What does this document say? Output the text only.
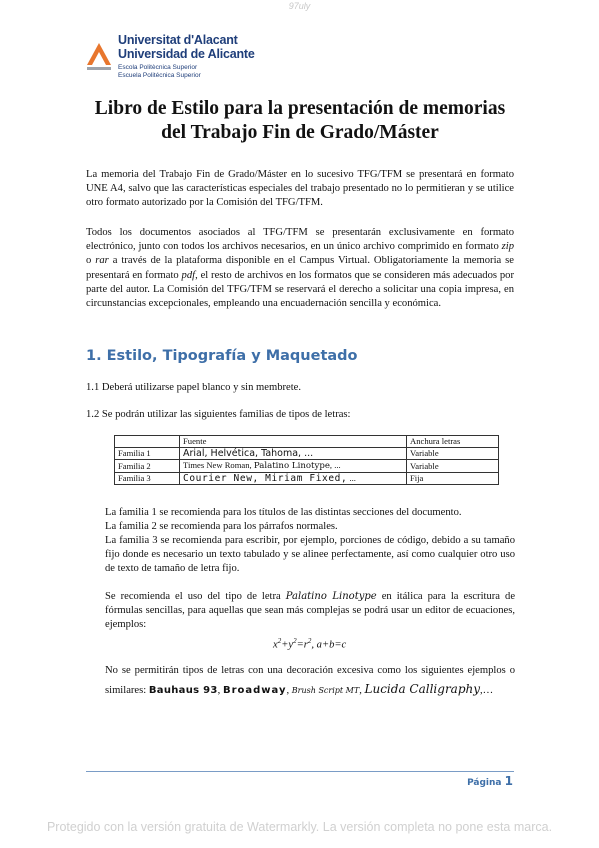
97uly
Universitat d'Alacant
Universidad de Alicante
Escola Politècnica Superior
Escuela Politécnica Superior
Libro de Estilo para la presentación de memorias
del Trabajo Fin de Grado/Máster
La memoria del Trabajo Fin de Grado/Máster en lo sucesivo TFG/TFM se presentará en formato UNE A4, salvo que las características especiales del trabajo presentado no lo permitieran y se utilice otro formato autorizado por la Comisión del TFG/TFM.
Todos los documentos asociados al TFG/TFM se presentarán exclusivamente en formato electrónico, junto con todos los archivos necesarios, en un único archivo comprimido en formato zip o rar a través de la plataforma disponible en el Campus Virtual. Obligatoriamente la memoria se presentará en formato pdf, el resto de archivos en los formatos que se consideren más adecuados por parte del autor. La Comisión del TFG/TFM se reservará el derecho a solicitar una copia impresa, en circunstancias excepcionales, empleando una encuadernación sencilla y económica.
1. Estilo, Tipografía y Maquetado
1.1 Deberá utilizarse papel blanco y sin membrete.
1.2 Se podrán utilizar las siguientes familias de tipos de letras:
	Fuente	Anchura letras
Familia 1	Arial, Helvética, Tahoma, ...	Variable
Familia 2	Times New Roman, Palatino Linotype, ...	Variable
Familia 3	Courier New, Miriam Fixed, ...	Fija
La familia 1 se recomienda para los títulos de las distintas secciones del documento.
La familia 2 se recomienda para los párrafos normales.
La familia 3 se recomienda para escribir, por ejemplo, porciones de código, debido a su tamaño fijo donde es necesario un texto tabulado y se alinee perfectamente, así como cualquier otro uso de texto de tamaño de letra fijo.
Se recomienda el uso del tipo de letra Palatino Linotype en itálica para la escritura de fórmulas sencillas, para aquellas que sean más complejas se podrá usar un editor de ecuaciones, ejemplos:
$x^2+y^2=r^2$, a+b=c
No se permitirán tipos de letras con una decoración excesiva como los siguientes ejemplos o similares: Bauhaus 93, Broadway, Brush Script MT, Lucida Calligraphy,…
Página 1
Protegido con la versión gratuita de Watermarkly. La versión completa no pone esta marca.
